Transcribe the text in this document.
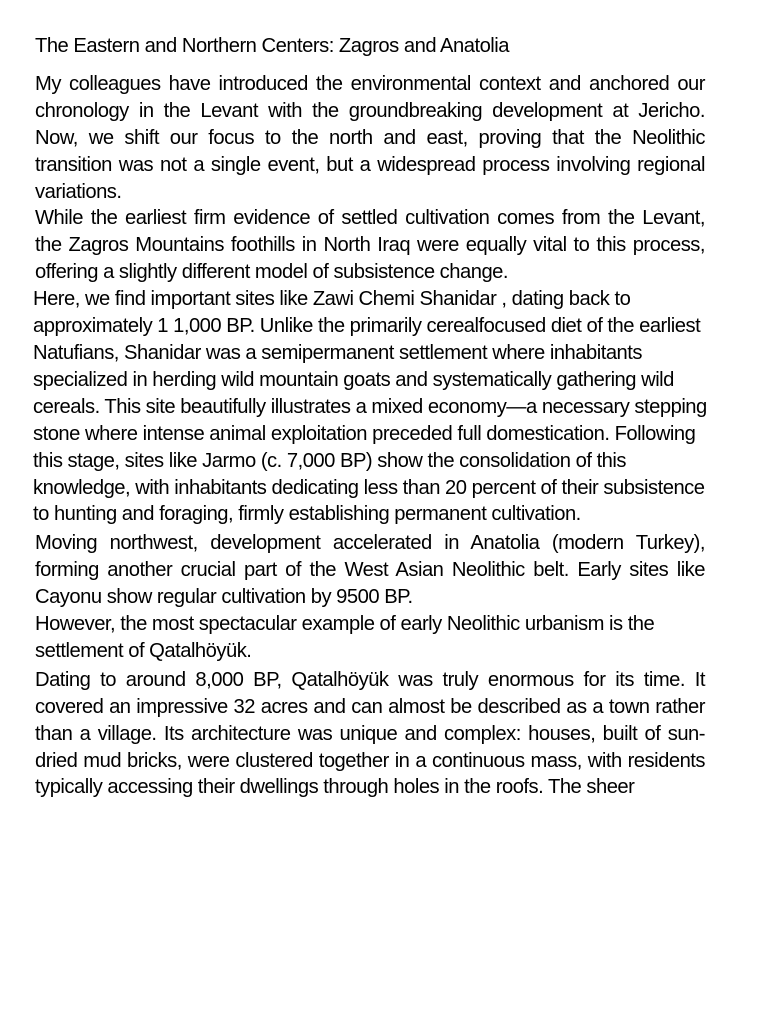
The Eastern and Northern Centers: Zagros and Anatolia

My colleagues have introduced the environmental context and anchored our chronology in the Levant with the groundbreaking development at Jericho. Now, we shift our focus to the north and east, proving that the Neolithic transition was not a single event, but a widespread process involving regional variations.

While the earliest firm evidence of settled cultivation comes from the Levant, the Zagros Mountains foothills in North Iraq were equally vital to this process, offering a slightly different model of subsistence change.

Here, we find important sites like Zawi Chemi Shanidar , dating back to approximately 1 1,000 BP. Unlike the primarily cerealfocused diet of the earliest Natufians, Shanidar was a semipermanent settlement where inhabitants specialized in herding wild mountain goats and systematically gathering wild cereals. This site beautifully illustrates a mixed economy—a necessary stepping stone where intense animal exploitation preceded full domestication. Following this stage, sites like Jarmo (c. 7,000 BP) show the consolidation of this knowledge, with inhabitants dedicating less than 20 percent of their subsistence to hunting and foraging, firmly establishing permanent cultivation.

Moving northwest, development accelerated in Anatolia (modern Turkey), forming another crucial part of the West Asian Neolithic belt. Early sites like Cayonu show regular cultivation by 9500 BP.

However, the most spectacular example of early Neolithic urbanism is the settlement of Qatalhöyük.

Dating to around 8,000 BP, Qatalhöyük was truly enormous for its time. It covered an impressive 32 acres and can almost be described as a town rather than a village. Its architecture was unique and complex: houses, built of sun-dried mud bricks, were clustered together in a continuous mass, with residents typically accessing their dwellings through holes in the roofs. The sheer
